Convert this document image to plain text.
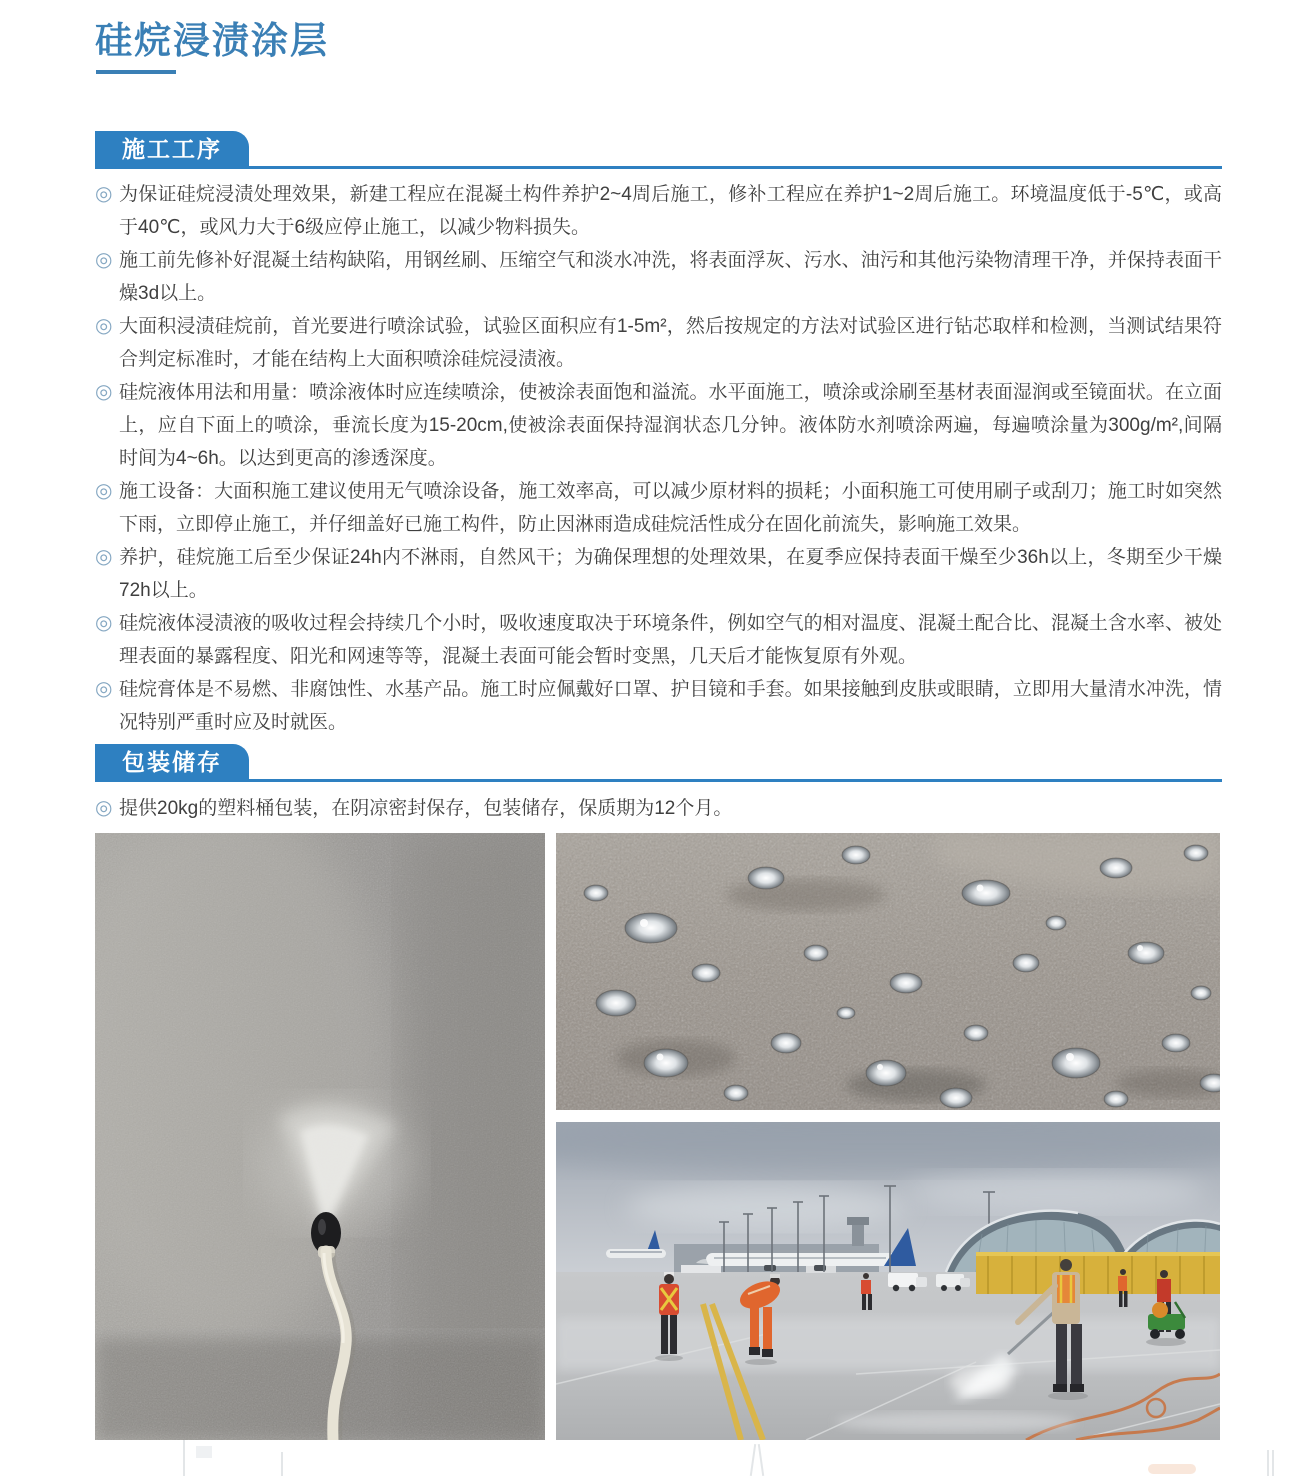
硅烷浸渍涂层
施工工序
◎ 为保证硅烷浸渍处理效果，新建工程应在混凝土构件养护2~4周后施工，修补工程应在养护1~2周后施工。环境温度低于-5℃，或高于40℃，或风力大于6级应停止施工，以减少物料损失。
◎ 施工前先修补好混凝土结构缺陷，用钢丝刷、压缩空气和淡水冲洗，将表面浮灰、污水、油污和其他污染物清理干净，并保持表面干燥3d以上。
◎ 大面积浸渍硅烷前，首光要进行喷涂试验，试验区面积应有1-5m²，然后按规定的方法对试验区进行钻芯取样和检测，当测试结果符合判定标准时，才能在结构上大面积喷涂硅烷浸渍液。
◎ 硅烷液体用法和用量：喷涂液体时应连续喷涂，使被涂表面饱和溢流。水平面施工，喷涂或涂刷至基材表面湿润或至镜面状。在立面上，应自下面上的喷涂，垂流长度为15-20cm,使被涂表面保持湿润状态几分钟。液体防水剂喷涂两遍，每遍喷涂量为300g/m²,间隔时间为4~6h。以达到更高的渗透深度。
◎ 施工设备：大面积施工建议使用无气喷涂设备，施工效率高，可以减少原材料的损耗；小面积施工可使用刷子或刮刀；施工时如突然下雨，立即停止施工，并仔细盖好已施工构件，防止因淋雨造成硅烷活性成分在固化前流失，影响施工效果。
◎ 养护，硅烷施工后至少保证24h内不淋雨，自然风干；为确保理想的处理效果，在夏季应保持表面干燥至少36h以上，冬期至少干燥72h以上。
◎ 硅烷液体浸渍液的吸收过程会持续几个小时，吸收速度取决于环境条件，例如空气的相对温度、混凝土配合比、混凝土含水率、被处理表面的暴露程度、阳光和网速等等，混凝土表面可能会暂时变黑，几天后才能恢复原有外观。
◎ 硅烷膏体是不易燃、非腐蚀性、水基产品。施工时应佩戴好口罩、护目镜和手套。如果接触到皮肤或眼睛，立即用大量清水冲洗，情况特别严重时应及时就医。
包装储存
◎ 提供20kg的塑料桶包装，在阴凉密封保存，包装储存，保质期为12个月。
